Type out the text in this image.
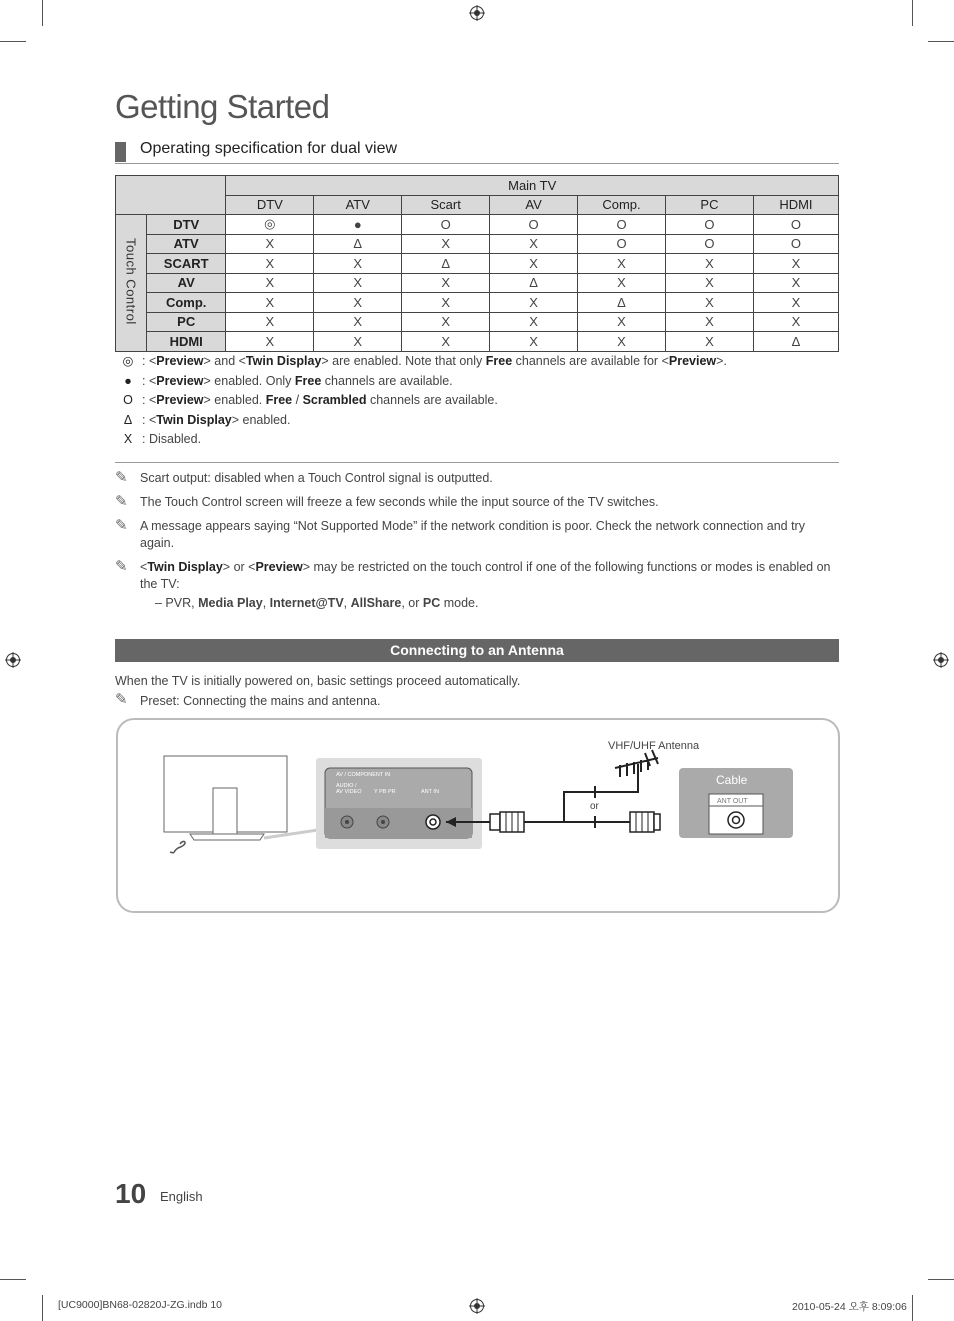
Getting Started
Operating specification for dual view
		Main TV						
		DTV	ATV	Scart	AV	Comp.	PC	HDMI
Touch Control	DTV	◎	●	O	O	O	O	O
	ATV	X	Δ	X	X	O	O	O
	SCART	X	X	Δ	X	X	X	X
	AV	X	X	X	Δ	X	X	X
	Comp.	X	X	X	X	Δ	X	X
	PC	X	X	X	X	X	X	X
	HDMI	X	X	X	X	X	X	Δ
◎ : <Preview> and <Twin Display> are enabled. Note that only Free channels are available for <Preview>.
● : <Preview> enabled. Only Free channels are available.
O : <Preview> enabled. Free / Scrambled channels are available.
Δ : <Twin Display> enabled.
X : Disabled.
✎ Scart output: disabled when a Touch Control signal is outputted.
✎ The Touch Control screen will freeze a few seconds while the input source of the TV switches.
✎ A message appears saying “Not Supported Mode” if the network condition is poor. Check the network connection and try again.
✎ <Twin Display> or <Preview> may be restricted on the touch control if one of the following functions or modes is enabled on the TV:
– PVR, Media Play, Internet@TV, AllShare, or PC mode.
Connecting to an Antenna
When the TV is initially powered on, basic settings proceed automatically.
✎ Preset: Connecting the mains and antenna.
AV / COMPONENT IN
AUDIO /
AV VIDEO Y PB PR	ANT IN
or
VHF/UHF Antenna
Cable
ANT OUT
10 English
[UC9000]BN68-02820J-ZG.indb 10	2010-05-24 오후 8:09:06
